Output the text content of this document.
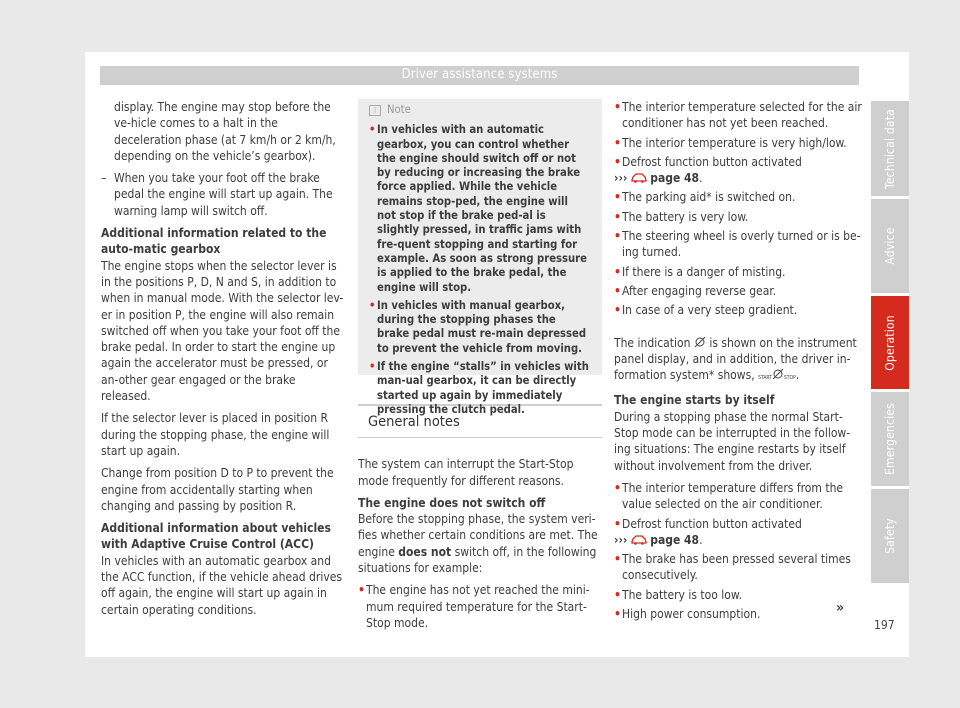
Driver assistance systems

display. The engine may stop before the ve-hicle comes to a halt in the deceleration phase (at 7 km/h or 2 km/h, depending on the vehicle’s gearbox).

– When you take your foot off the brake pedal the engine will start up again. The warning lamp will switch off.

Additional information related to the auto-matic gearbox

The engine stops when the selector lever is in the positions P, D, N and S, in addition to when in manual mode. With the selector lev-er in position P, the engine will also remain switched off when you take your foot off the brake pedal. In order to start the engine up again the accelerator must be pressed, or an-other gear engaged or the brake released.

If the selector lever is placed in position R during the stopping phase, the engine will start up again.

Change from position D to P to prevent the engine from accidentally starting when changing and passing by position R.

Additional information about vehicles with Adaptive Cruise Control (ACC)

In vehicles with an automatic gearbox and the ACC function, if the vehicle ahead drives off again, the engine will start up again in certain operating conditions.

i Note
• In vehicles with an automatic gearbox, you can control whether the engine should switch off or not by reducing or increasing the brake force applied. While the vehicle remains stop-ped, the engine will not stop if the brake ped-al is slightly pressed, in traffic jams with fre-quent stopping and starting for example. As soon as strong pressure is applied to the brake pedal, the engine will stop.
• In vehicles with manual gearbox, during the stopping phases the brake pedal must re-main depressed to prevent the vehicle from moving.
• If the engine “stalls” in vehicles with man-ual gearbox, it can be directly started up again by immediately pressing the clutch pedal.
General notes

The system can interrupt the Start-Stop mode frequently for different reasons.

The engine does not switch off

Before the stopping phase, the system veri-fies whether certain conditions are met. The engine does not switch off, in the following situations for example:

• The engine has not yet reached the mini-mum required temperature for the Start-Stop mode.
• The interior temperature selected for the air conditioner has not yet been reached.
• The interior temperature is very high/low.
• Defrost function button activated
››› page 48.
• The parking aid* is switched on.
• The battery is very low.
• The steering wheel is overly turned or is be-ing turned.
• If there is a danger of misting.
• After engaging reverse gear.
• In case of a very steep gradient.

The indication is shown on the instrument panel display, and in addition, the driver in-formation system* shows, START STOP.

The engine starts by itself

During a stopping phase the normal Start-Stop mode can be interrupted in the follow-ing situations: The engine restarts by itself without involvement from the driver.

• The interior temperature differs from the value selected on the air conditioner.
• Defrost function button activated
››› page 48.
• The brake has been pressed several times consecutively.
• The battery is too low.
• High power consumption.	»
Technical data
Advice
Operation
Emergencies
Safety
197
